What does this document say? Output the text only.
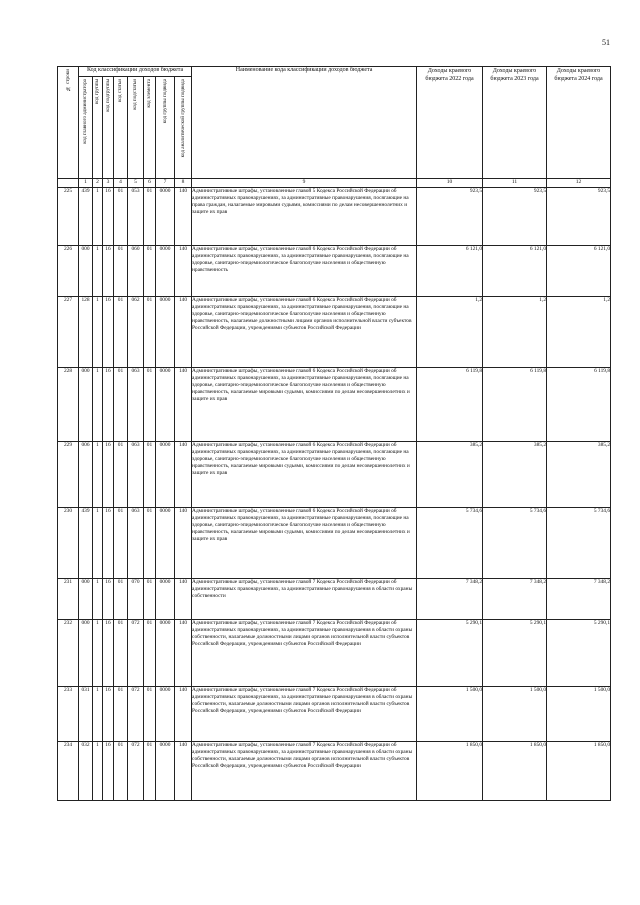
51
№ строки	Код классификации доходов бюджета								Наименование кода классификации доходов бюджета	Доходы краевого бюджета 2022 года	Доходы краевого бюджета 2023 года	Доходы краевого бюджета 2024 года

	код главного администратора	код группы	код подгруппы	код статьи	код подстатьи	код элемента	код группы подвида	код аналитической группы подвида				

	1	2	3	4	5	6	7	8	9	10	11	12
225	439	1	16	01	053	01	0000	140	Административные штрафы, установленные главой 5 Кодекса Российской Федерации об административных правонарушениях, за административные правонарушения, посягающие на права граждан, налагаемые мировыми судьями, комиссиями по делам несовершеннолетних и защите их прав	923,5	923,5	923,5
226	000	1	16	01	060	01	0000	140	Административные штрафы, установленные главой 6 Кодекса Российской Федерации об административных правонарушениях, за административные правонарушения, посягающие на здоровье, санитарно-эпидемиологическое благополучие населения и общественную нравственность	6 121,0	6 121,0	6 121,0
227	128	1	16	01	062	01	0000	140	Административные штрафы, установленные главой 6 Кодекса Российской Федерации об административных правонарушениях, за административные правонарушения, посягающие на здоровье, санитарно-эпидемиологическое благополучие населения и общественную нравственность, налагаемые должностными лицами органов исполнительной власти субъектов Российской Федерации, учреждениями субъектов Российской Федерации	1,2	1,2	1,2
228	000	1	16	01	063	01	0000	140	Административные штрафы, установленные главой 6 Кодекса Российской Федерации об административных правонарушениях, за административные правонарушения, посягающие на здоровье, санитарно-эпидемиологическое благополучие населения и общественную нравственность, налагаемые мировыми судьями, комиссиями по делам несовершеннолетних и защите их прав	6 119,8	6 119,8	6 119,8
229	006	1	16	01	063	01	0000	140	Административные штрафы, установленные главой 6 Кодекса Российской Федерации об административных правонарушениях, за административные правонарушения, посягающие на здоровье, санитарно-эпидемиологическое благополучие населения и общественную нравственность, налагаемые мировыми судьями, комиссиями по делам несовершеннолетних и защите их прав	385,2	385,2	385,2
230	439	1	16	01	063	01	0000	140	Административные штрафы, установленные главой 6 Кодекса Российской Федерации об административных правонарушениях, за административные правонарушения, посягающие на здоровье, санитарно-эпидемиологическое благополучие населения и общественную нравственность, налагаемые мировыми судьями, комиссиями по делам несовершеннолетних и защите их прав	5 734,6	5 734,6	5 734,6
231	000	1	16	01	070	01	0000	140	Административные штрафы, установленные главой 7 Кодекса Российской Федерации об административных правонарушениях, за административные правонарушения в области охраны собственности	7 348,2	7 348,2	7 348,2
232	000	1	16	01	072	01	0000	140	Административные штрафы, установленные главой 7 Кодекса Российской Федерации об административных правонарушениях, за административные правонарушения в области охраны собственности, налагаемые должностными лицами органов исполнительной власти субъектов Российской Федерации, учреждениями субъектов Российской Федерации	5 290,1	5 290,1	5 290,1
233	031	1	16	01	072	01	0000	140	Административные штрафы, установленные главой 7 Кодекса Российской Федерации об административных правонарушениях, за административные правонарушения в области охраны собственности, налагаемые должностными лицами органов исполнительной власти субъектов Российской Федерации, учреждениями субъектов Российской Федерации	1 500,0	1 500,0	1 500,0
234	032	1	16	01	072	01	0000	140	Административные штрафы, установленные главой 7 Кодекса Российской Федерации об административных правонарушениях, за административные правонарушения в области охраны собственности, налагаемые должностными лицами органов исполнительной власти субъектов Российской Федерации, учреждениями субъектов Российской Федерации	1 850,0	1 850,0	1 850,0
